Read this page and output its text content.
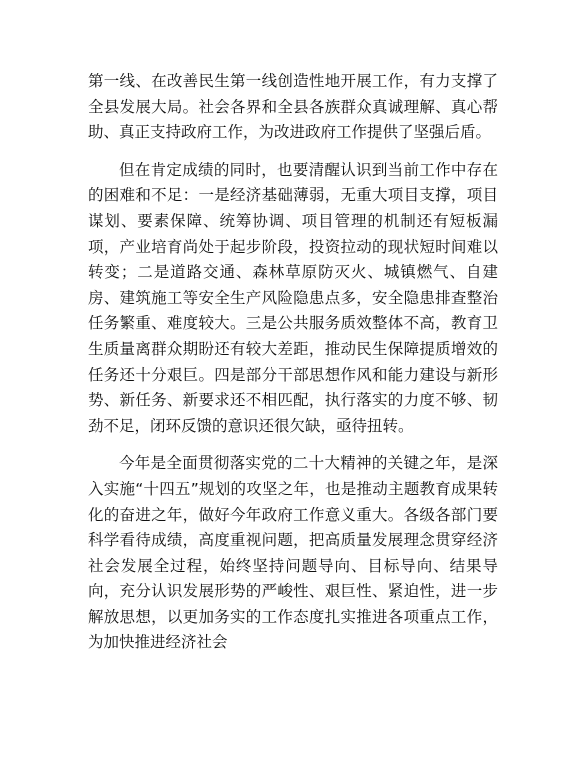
第一线、在改善民生第一线创造性地开展工作，有力支撑了全县发展大局。社会各界和全县各族群众真诚理解、真心帮助、真正支持政府工作，为改进政府工作提供了坚强后盾。

但在肯定成绩的同时，也要清醒认识到当前工作中存在的困难和不足：一是经济基础薄弱，无重大项目支撑，项目谋划、要素保障、统筹协调、项目管理的机制还有短板漏项，产业培育尚处于起步阶段，投资拉动的现状短时间难以转变；二是道路交通、森林草原防灭火、城镇燃气、自建房、建筑施工等安全生产风险隐患点多，安全隐患排查整治任务繁重、难度较大。三是公共服务质效整体不高，教育卫生质量离群众期盼还有较大差距，推动民生保障提质增效的任务还十分艰巨。四是部分干部思想作风和能力建设与新形势、新任务、新要求还不相匹配，执行落实的力度不够、韧劲不足，闭环反馈的意识还很欠缺，亟待扭转。

今年是全面贯彻落实党的二十大精神的关键之年，是深入实施“十四五”规划的攻坚之年，也是推动主题教育成果转化的奋进之年，做好今年政府工作意义重大。各级各部门要科学看待成绩，高度重视问题，把高质量发展理念贯穿经济社会发展全过程，始终坚持问题导向、目标导向、结果导向，充分认识发展形势的严峻性、艰巨性、紧迫性，进一步解放思想，以更加务实的工作态度扎实推进各项重点工作，为加快推进经济社会
